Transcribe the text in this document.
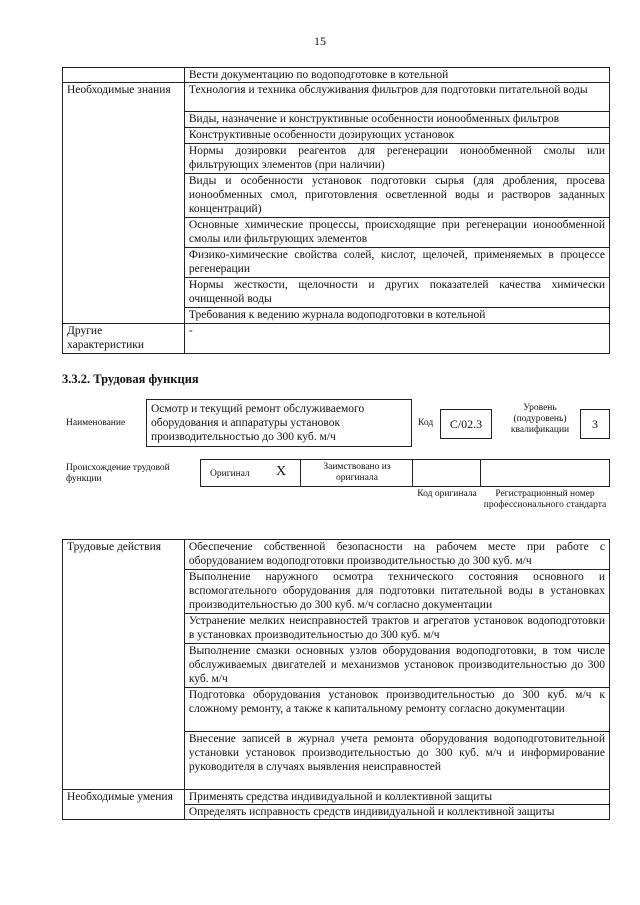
15
	Вести документацию по водоподготовке в котельной
Необходимые знания	Технология и техника обслуживания фильтров для подготовки питательной воды
	Виды, назначение и конструктивные особенности ионообменных фильтров
	Конструктивные особенности дозирующих установок
	Нормы дозировки реагентов для регенерации ионообменной смолы или фильтрующих элементов (при наличии)
	Виды и особенности установок подготовки сырья (для дробления, просева ионообменных смол, приготовления осветленной воды и растворов заданных концентраций)
	Основные химические процессы, происходящие при регенерации ионообменной смолы или фильтрующих элементов
	Физико-химические свойства солей, кислот, щелочей, применяемых в процессе регенерации
	Нормы жесткости, щелочности и других показателей качества химически очищенной воды
	Требования к ведению журнала водоподготовки в котельной
Другие характеристики	-
3.3.2. Трудовая функция
Наименование
Осмотр и текущий ремонт обслуживаемого оборудования и аппаратуры установок производительностью до 300 куб. м/ч
Код	С/02.3
Уровень (подуровень) квалификации	3
Происхождение трудовой функции	Оригинал X	Заимствовано из оригинала
Код оригинала	Регистрационный номер профессионального стандарта
Трудовые действия	Обеспечение собственной безопасности на рабочем месте при работе с оборудованием водоподготовки производительностью до 300 куб. м/ч
	Выполнение наружного осмотра технического состояния основного и вспомогательного оборудования для подготовки питательной воды в установках производительностью до 300 куб. м/ч согласно документации
	Устранение мелких неисправностей трактов и агрегатов установок водоподготовки в установках производительностью до 300 куб. м/ч
	Выполнение смазки основных узлов оборудования водоподготовки, в том числе обслуживаемых двигателей и механизмов установок производительностью до 300 куб. м/ч
	Подготовка оборудования установок производительностью до 300 куб. м/ч к сложному ремонту, а также к капитальному ремонту согласно документации
	Внесение записей в журнал учета ремонта оборудования водоподготовительной установки установок производительностью до 300 куб. м/ч и информирование руководителя в случаях выявления неисправностей
Необходимые умения	Применять средства индивидуальной и коллективной защиты
	Определять исправность средств индивидуальной и коллективной защиты
